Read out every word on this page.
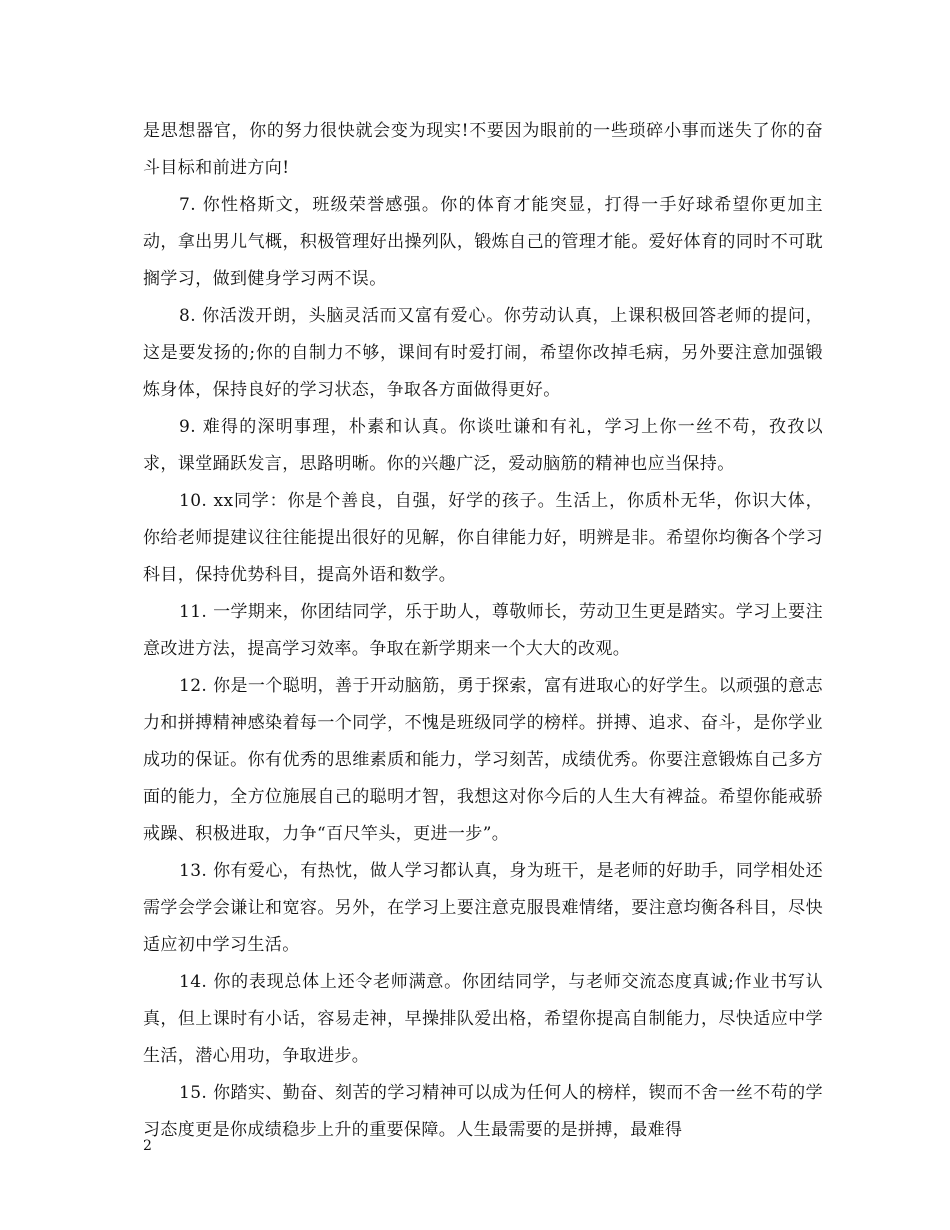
是思想器官，你的努力很快就会变为现实!不要因为眼前的一些琐碎小事而迷失了你的奋斗目标和前进方向!

7. 你性格斯文，班级荣誉感强。你的体育才能突显，打得一手好球希望你更加主动，拿出男儿气概，积极管理好出操列队，锻炼自己的管理才能。爱好体育的同时不可耽搁学习，做到健身学习两不误。

8. 你活泼开朗，头脑灵活而又富有爱心。你劳动认真，上课积极回答老师的提问，这是要发扬的;你的自制力不够，课间有时爱打闹，希望你改掉毛病，另外要注意加强锻炼身体，保持良好的学习状态，争取各方面做得更好。

9. 难得的深明事理，朴素和认真。你谈吐谦和有礼，学习上你一丝不苟，孜孜以求，课堂踊跃发言，思路明晰。你的兴趣广泛，爱动脑筋的精神也应当保持。

10. xx同学：你是个善良，自强，好学的孩子。生活上，你质朴无华，你识大体，你给老师提建议往往能提出很好的见解，你自律能力好，明辨是非。希望你均衡各个学习科目，保持优势科目，提高外语和数学。

11. 一学期来，你团结同学，乐于助人，尊敬师长，劳动卫生更是踏实。学习上要注意改进方法，提高学习效率。争取在新学期来一个大大的改观。

12. 你是一个聪明，善于开动脑筋，勇于探索，富有进取心的好学生。以顽强的意志力和拼搏精神感染着每一个同学，不愧是班级同学的榜样。拼搏、追求、奋斗，是你学业成功的保证。你有优秀的思维素质和能力，学习刻苦，成绩优秀。你要注意锻炼自己多方面的能力，全方位施展自己的聪明才智，我想这对你今后的人生大有裨益。希望你能戒骄戒躁、积极进取，力争“百尺竿头，更进一步”。

13. 你有爱心，有热忱，做人学习都认真，身为班干，是老师的好助手，同学相处还需学会学会谦让和宽容。另外，在学习上要注意克服畏难情绪，要注意均衡各科目，尽快适应初中学习生活。

14. 你的表现总体上还令老师满意。你团结同学，与老师交流态度真诚;作业书写认真，但上课时有小话，容易走神，早操排队爱出格，希望你提高自制能力，尽快适应中学生活，潜心用功，争取进步。

15. 你踏实、勤奋、刻苦的学习精神可以成为任何人的榜样，锲而不舍一丝不苟的学习态度更是你成绩稳步上升的重要保障。人生最需要的是拼搏，最难得

2
